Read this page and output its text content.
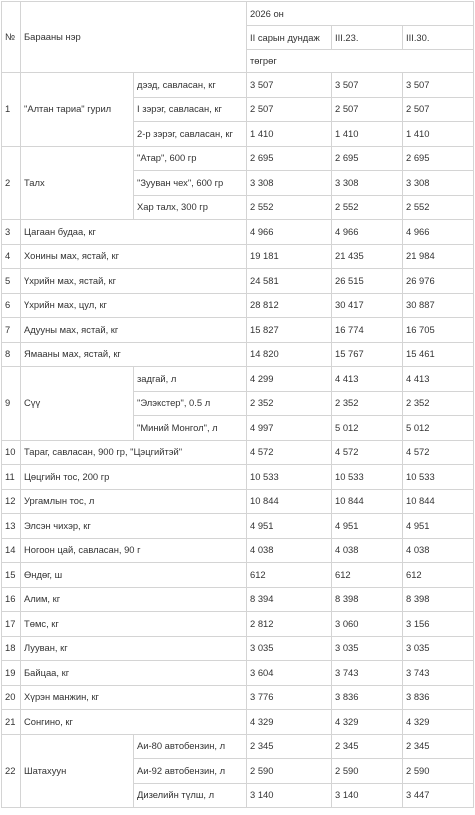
№	Барааны нэр		2026 он		
			II сарын дундаж	III.23.	III.30.
			төгрөг		
1	"Алтан тариа" гурил	дээд, савласан, кг	3 507	3 507	3 507
		I зэрэг, савласан, кг	2 507	2 507	2 507
		2-р зэрэг, савласан, кг	1 410	1 410	1 410
2	Талх	"Атар", 600 гр	2 695	2 695	2 695
		"Зууван чех", 600 гр	3 308	3 308	3 308
		Хар талх, 300 гр	2 552	2 552	2 552
3	Цагаан будаа, кг		4 966	4 966	4 966
4	Хонины мах, ястай, кг		19 181	21 435	21 984
5	Үхрийн мах, ястай, кг		24 581	26 515	26 976
6	Үхрийн мах, цул, кг		28 812	30 417	30 887
7	Адууны мах, ястай, кг		15 827	16 774	16 705
8	Ямааны мах, ястай, кг		14 820	15 767	15 461
9	Сүү	задгай, л	4 299	4 413	4 413
		"Элэкстер", 0.5 л	2 352	2 352	2 352
		"Миний Монгол", л	4 997	5 012	5 012
10	Тараг, савласан, 900 гр, "Цэцгийтэй"		4 572	4 572	4 572
11	Цөцгийн тос, 200 гр		10 533	10 533	10 533
12	Ургамлын тос, л		10 844	10 844	10 844
13	Элсэн чихэр, кг		4 951	4 951	4 951
14	Ногоон цай, савласан, 90 г		4 038	4 038	4 038
15	Өндөг, ш		612	612	612
16	Алим, кг		8 394	8 398	8 398
17	Төмс, кг		2 812	3 060	3 156
18	Лууван, кг		3 035	3 035	3 035
19	Байцаа, кг		3 604	3 743	3 743
20	Хүрэн манжин, кг		3 776	3 836	3 836
21	Сонгино, кг		4 329	4 329	4 329
22	Шатахуун	Аи-80 автобензин, л	2 345	2 345	2 345
		Аи-92 автобензин, л	2 590	2 590	2 590
		Дизелийн түлш, л	3 140	3 140	3 447
